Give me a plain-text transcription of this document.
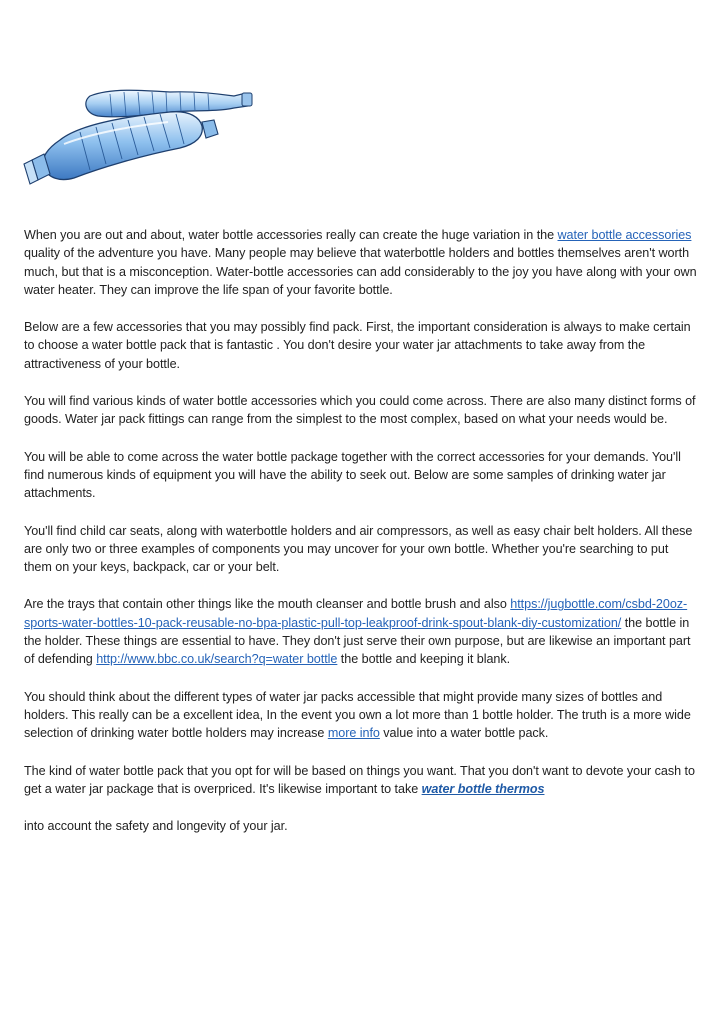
When you are out and about, water bottle accessories really can create the huge variation in the water bottle accessories quality of the adventure you have. Many people may believe that waterbottle holders and bottles themselves aren't worth much, but that is a misconception. Water-bottle accessories can add considerably to the joy you have along with your own water heater. They can improve the life span of your favorite bottle.

Below are a few accessories that you may possibly find pack. First, the important consideration is always to make certain to choose a water bottle pack that is fantastic . You don't desire your water jar attachments to take away from the attractiveness of your bottle.

You will find various kinds of water bottle accessories which you could come across. There are also many distinct forms of goods. Water jar pack fittings can range from the simplest to the most complex, based on what your needs would be.

You will be able to come across the water bottle package together with the correct accessories for your demands. You'll find numerous kinds of equipment you will have the ability to seek out. Below are some samples of drinking water jar attachments.

You'll find child car seats, along with waterbottle holders and air compressors, as well as easy chair belt holders. All these are only two or three examples of components you may uncover for your own bottle. Whether you're searching to put them on your keys, backpack, car or your belt.

Are the trays that contain other things like the mouth cleanser and bottle brush and also https://jugbottle.com/csbd-20oz-sports-water-bottles-10-pack-reusable-no-bpa-plastic-pull-top-leakproof-drink-spout-blank-diy-customization/ the bottle in the holder. These things are essential to have. They don't just serve their own purpose, but are likewise an important part of defending http://www.bbc.co.uk/search?q=water bottle the bottle and keeping it blank.

You should think about the different types of water jar packs accessible that might provide many sizes of bottles and holders. This really can be a excellent idea, In the event you own a lot more than 1 bottle holder. The truth is a more wide selection of drinking water bottle holders may increase more info value into a water bottle pack.

The kind of water bottle pack that you opt for will be based on things you want. That you don't want to devote your cash to get a water jar package that is overpriced. It's likewise important to take water bottle thermos

into account the safety and longevity of your jar.
